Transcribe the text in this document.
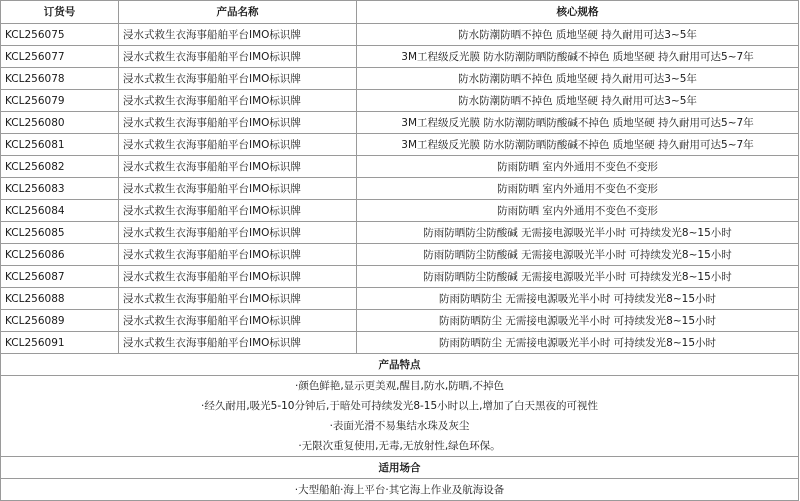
订货号	产品名称	核心规格
KCL256075	浸水式救生衣海事船舶平台IMO标识牌	防水防潮防晒不掉色 质地坚硬 持久耐用可达3~5年
KCL256077	浸水式救生衣海事船舶平台IMO标识牌	3M工程级反光膜 防水防潮防晒防酸碱不掉色 质地坚硬 持久耐用可达5~7年
KCL256078	浸水式救生衣海事船舶平台IMO标识牌	防水防潮防晒不掉色 质地坚硬 持久耐用可达3~5年
KCL256079	浸水式救生衣海事船舶平台IMO标识牌	防水防潮防晒不掉色 质地坚硬 持久耐用可达3~5年
KCL256080	浸水式救生衣海事船舶平台IMO标识牌	3M工程级反光膜 防水防潮防晒防酸碱不掉色 质地坚硬 持久耐用可达5~7年
KCL256081	浸水式救生衣海事船舶平台IMO标识牌	3M工程级反光膜 防水防潮防晒防酸碱不掉色 质地坚硬 持久耐用可达5~7年
KCL256082	浸水式救生衣海事船舶平台IMO标识牌	防雨防晒 室内外通用不变色不变形
KCL256083	浸水式救生衣海事船舶平台IMO标识牌	防雨防晒 室内外通用不变色不变形
KCL256084	浸水式救生衣海事船舶平台IMO标识牌	防雨防晒 室内外通用不变色不变形
KCL256085	浸水式救生衣海事船舶平台IMO标识牌	防雨防晒防尘防酸碱 无需接电源吸光半小时 可持续发光8~15小时
KCL256086	浸水式救生衣海事船舶平台IMO标识牌	防雨防晒防尘防酸碱 无需接电源吸光半小时 可持续发光8~15小时
KCL256087	浸水式救生衣海事船舶平台IMO标识牌	防雨防晒防尘防酸碱 无需接电源吸光半小时 可持续发光8~15小时
KCL256088	浸水式救生衣海事船舶平台IMO标识牌	防雨防晒防尘 无需接电源吸光半小时 可持续发光8~15小时
KCL256089	浸水式救生衣海事船舶平台IMO标识牌	防雨防晒防尘 无需接电源吸光半小时 可持续发光8~15小时
KCL256091	浸水式救生衣海事船舶平台IMO标识牌	防雨防晒防尘 无需接电源吸光半小时 可持续发光8~15小时
产品特点		

·颜色鲜艳,显示更美观,醒目,防水,防晒,不掉色
·经久耐用,吸光5-10分钟后,于暗处可持续发光8-15小时以上,增加了白天黑夜的可视性
·表面光滑不易集结水珠及灰尘
·无限次重复使用,无毒,无放射性,绿色环保。		

适用场合		
·大型船舶·海上平台·其它海上作业及航海设备		
